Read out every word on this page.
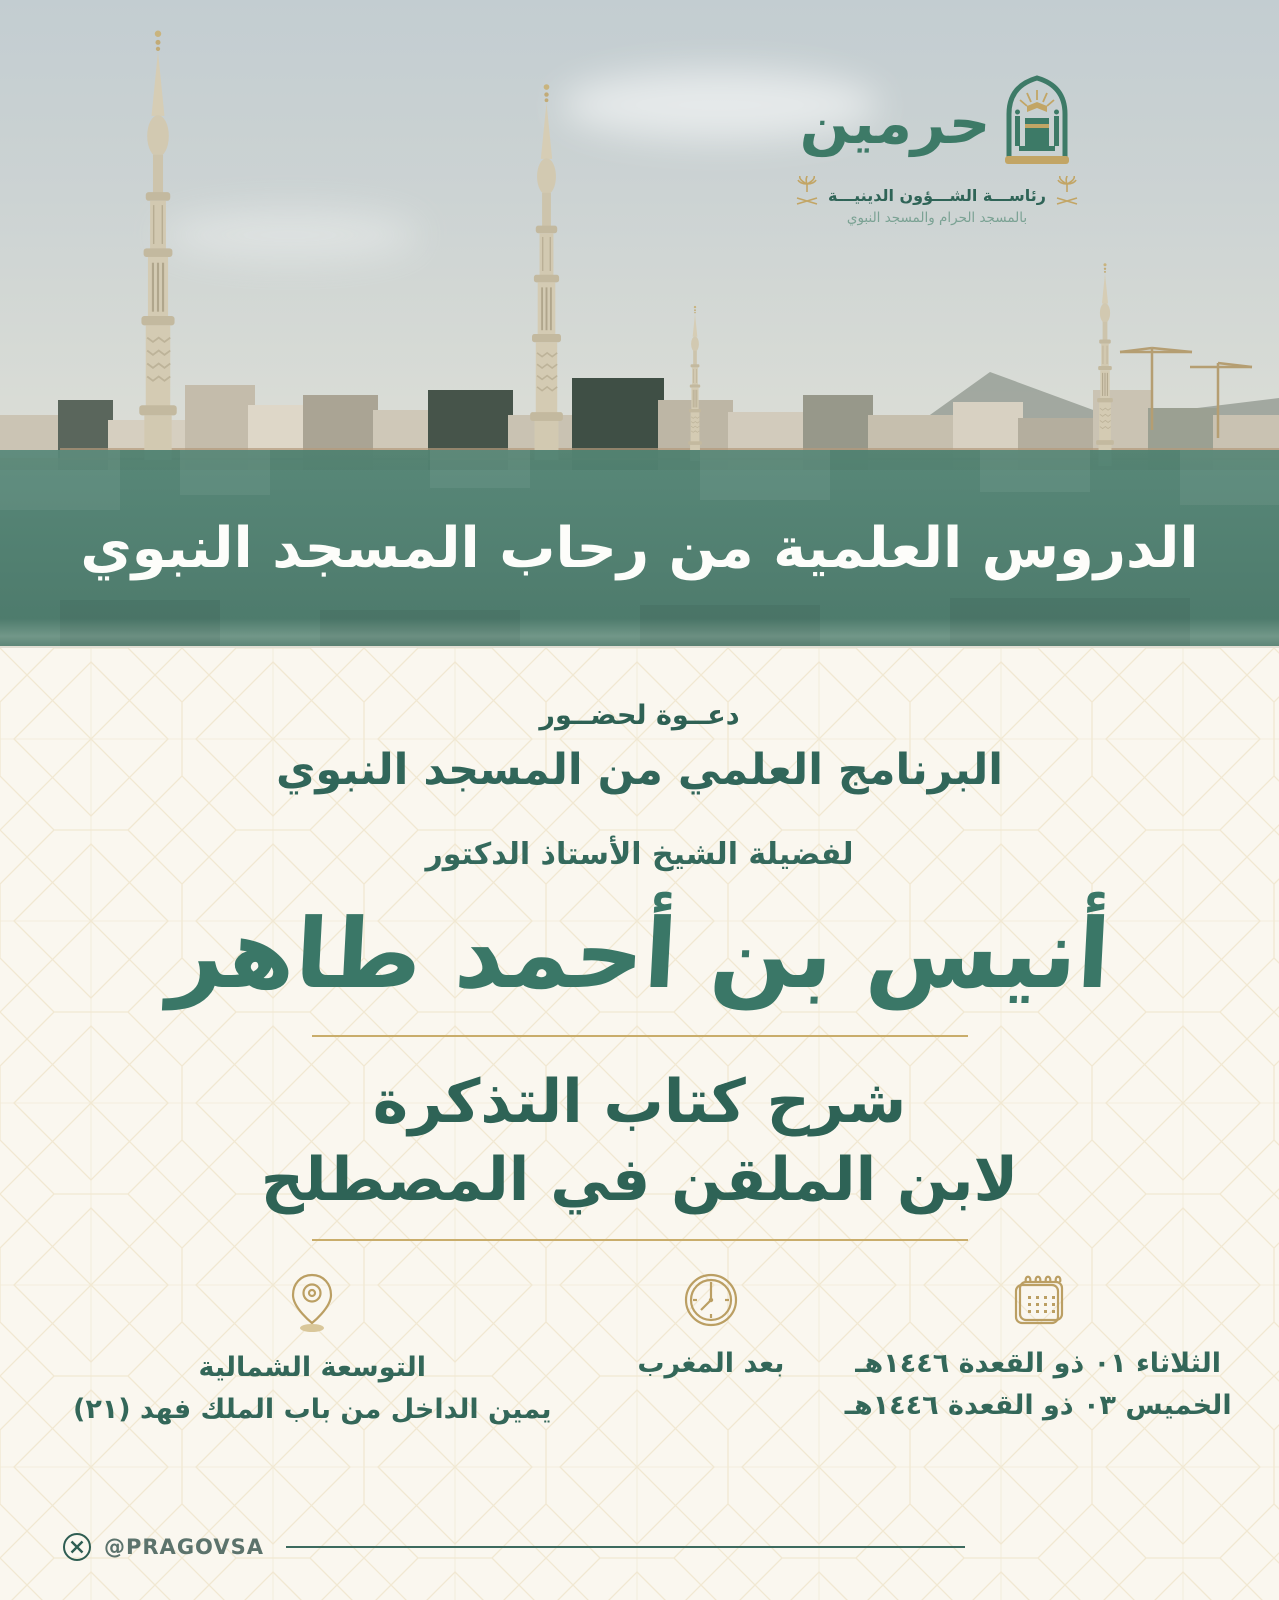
حرمين
رئاســـة الشـــؤون الدينيـــة
بالمسجد الحرام والمسجد النبوي
الدروس العلمية من رحاب المسجد النبوي
دعــوة لحضــور
البرنامج العلمي من المسجد النبوي
لفضيلة الشيخ الأستاذ الدكتور
أنيس بن أحمد طاهر
شرح كتاب التذكرة
لابن الملقن في المصطلح
الثلاثاء ٠١ ذو القعدة ١٤٤٦هـ
الخميس ٠٣ ذو القعدة ١٤٤٦هـ
بعد المغرب
التوسعة الشمالية
يمين الداخل من باب الملك فهد (٢١)
@PRAGOVSA
